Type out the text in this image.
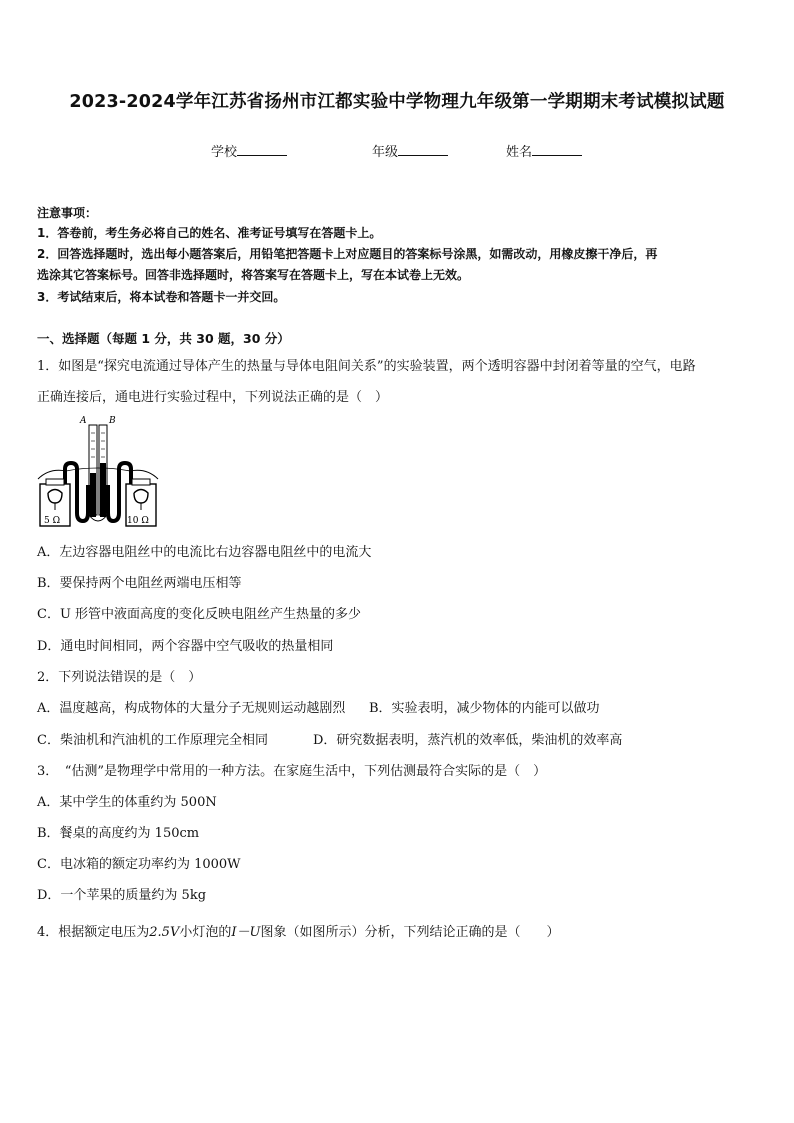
2023-2024学年江苏省扬州市江都实验中学物理九年级第一学期期末考试模拟试题
学校	年级	姓名
注意事项：
1．答卷前，考生务必将自己的姓名、准考证号填写在答题卡上。
2．回答选择题时，选出每小题答案后，用铅笔把答题卡上对应题目的答案标号涂黑，如需改动，用橡皮擦干净后，再
选涂其它答案标号。回答非选择题时，将答案写在答题卡上，写在本试卷上无效。
3．考试结束后，将本试卷和答题卡一并交回。
一、选择题（每题 1 分，共 30 题，30 分）
1．如图是“探究电流通过导体产生的热量与导体电阻间关系”的实验装置，两个透明容器中封闭着等量的空气，电路
正确连接后，通电进行实验过程中，下列说法正确的是（　）
A	B
5 Ω	10 Ω
A．左边容器电阻丝中的电流比右边容器电阻丝中的电流大
B．要保持两个电阻丝两端电压相等
C．U 形管中液面高度的变化反映电阻丝产生热量的多少
D．通电时间相同，两个容器中空气吸收的热量相同
2．下列说法错误的是（　）
A．温度越高，构成物体的大量分子无规则运动越剧烈 B．实验表明，减少物体的内能可以做功
C．柴油机和汽油机的工作原理完全相同	D．研究数据表明，蒸汽机的效率低，柴油机的效率高
3．　“估测”是物理学中常用的一种方法。在家庭生活中，下列估测最符合实际的是（　）
A．某中学生的体重约为 500N
B．餐桌的高度约为 150cm
C．电冰箱的额定功率约为 1000W
D．一个苹果的质量约为 5kg
4．根据额定电压为2.5V小灯泡的I－U图象（如图所示）分析，下列结论正确的是（　　）
